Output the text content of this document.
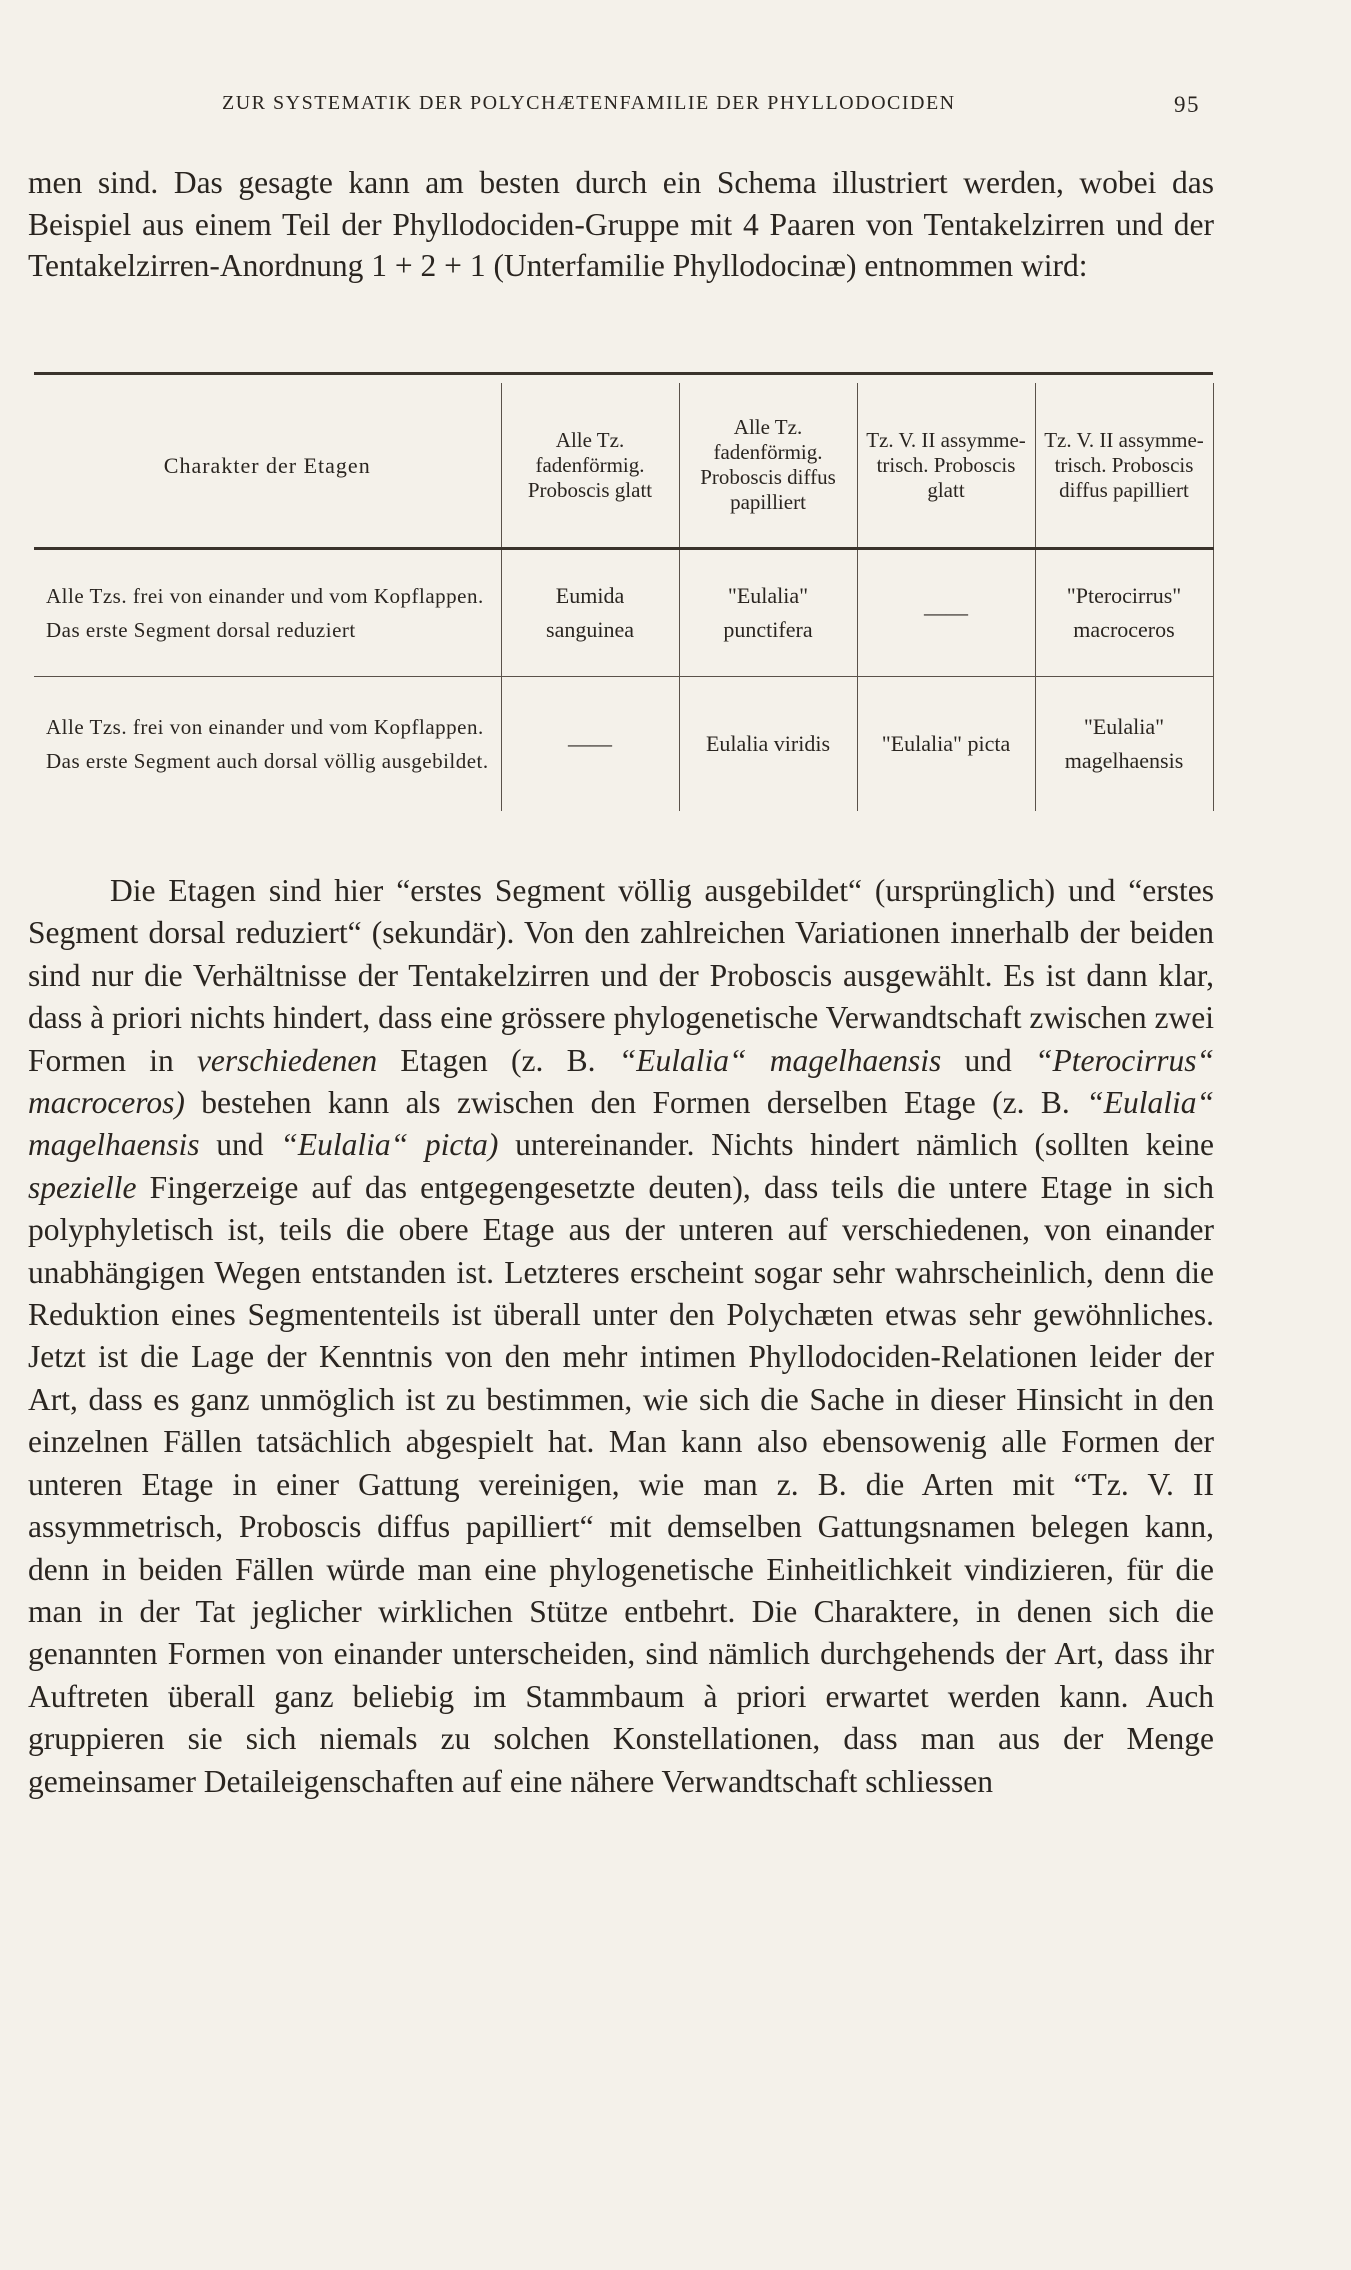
ZUR SYSTEMATIK DER POLYCHÆTENFAMILIE DER PHYLLODOCIDEN	95

men sind. Das gesagte kann am besten durch ein Schema illustriert werden, wobei das Beispiel aus einem Teil der Phyllodociden-Gruppe mit 4 Paaren von Tentakelzirren und der Tentakelzirren-Anordnung 1 + 2 + 1 (Unterfamilie Phyllodocinæ) entnommen wird:

Charakter der Etagen	Alle Tz. fadenförmig. Proboscis glatt	Alle Tz. fadenförmig. Proboscis diffus papilliert	Tz. V. II assymme-trisch. Proboscis glatt	Tz. V. II assymme-trisch. Proboscis diffus papilliert
Alle Tzs. frei von einander und vom Kopflappen. Das erste Segment dorsal reduziert	Eumida sanguinea	"Eulalia" punctifera	——	"Pterocirrus" macroceros
Alle Tzs. frei von einander und vom Kopflappen. Das erste Segment auch dorsal völlig ausgebildet.	——	Eulalia viridis	"Eulalia" picta	"Eulalia" magelhaensis

Die Etagen sind hier “erstes Segment völlig ausgebildet“ (ursprünglich) und “erstes Segment dorsal reduziert“ (sekundär). Von den zahlreichen Variationen innerhalb der beiden sind nur die Verhältnisse der Tentakelzirren und der Proboscis ausgewählt. Es ist dann klar, dass à priori nichts hindert, dass eine grössere phylogenetische Verwandtschaft zwischen zwei Formen in verschiedenen Etagen (z. B. “Eulalia“ magelhaensis und “Pterocirrus“ macroceros) bestehen kann als zwischen den Formen derselben Etage (z. B. “Eulalia“ magelhaensis und “Eulalia“ picta) untereinander. Nichts hindert nämlich (sollten keine spezielle Fingerzeige auf das entgegengesetzte deuten), dass teils die untere Etage in sich polyphyletisch ist, teils die obere Etage aus der unteren auf verschiedenen, von einander unabhängigen Wegen entstanden ist. Letzteres erscheint sogar sehr wahrscheinlich, denn die Reduktion eines Segmententeils ist überall unter den Polychæten etwas sehr gewöhnliches. Jetzt ist die Lage der Kenntnis von den mehr intimen Phyllodociden-Relationen leider der Art, dass es ganz unmöglich ist zu bestimmen, wie sich die Sache in dieser Hinsicht in den einzelnen Fällen tatsächlich abgespielt hat. Man kann also ebensowenig alle Formen der unteren Etage in einer Gattung vereinigen, wie man z. B. die Arten mit “Tz. V. II assymmetrisch, Proboscis diffus papilliert“ mit demselben Gattungsnamen belegen kann, denn in beiden Fällen würde man eine phylogenetische Einheitlichkeit vindizieren, für die man in der Tat jeglicher wirklichen Stütze entbehrt. Die Charaktere, in denen sich die genannten Formen von einander unterscheiden, sind nämlich durchgehends der Art, dass ihr Auftreten überall ganz beliebig im Stammbaum à priori erwartet werden kann. Auch gruppieren sie sich niemals zu solchen Konstellationen, dass man aus der Menge gemeinsamer Detaileigenschaften auf eine nähere Verwandtschaft schliessen
